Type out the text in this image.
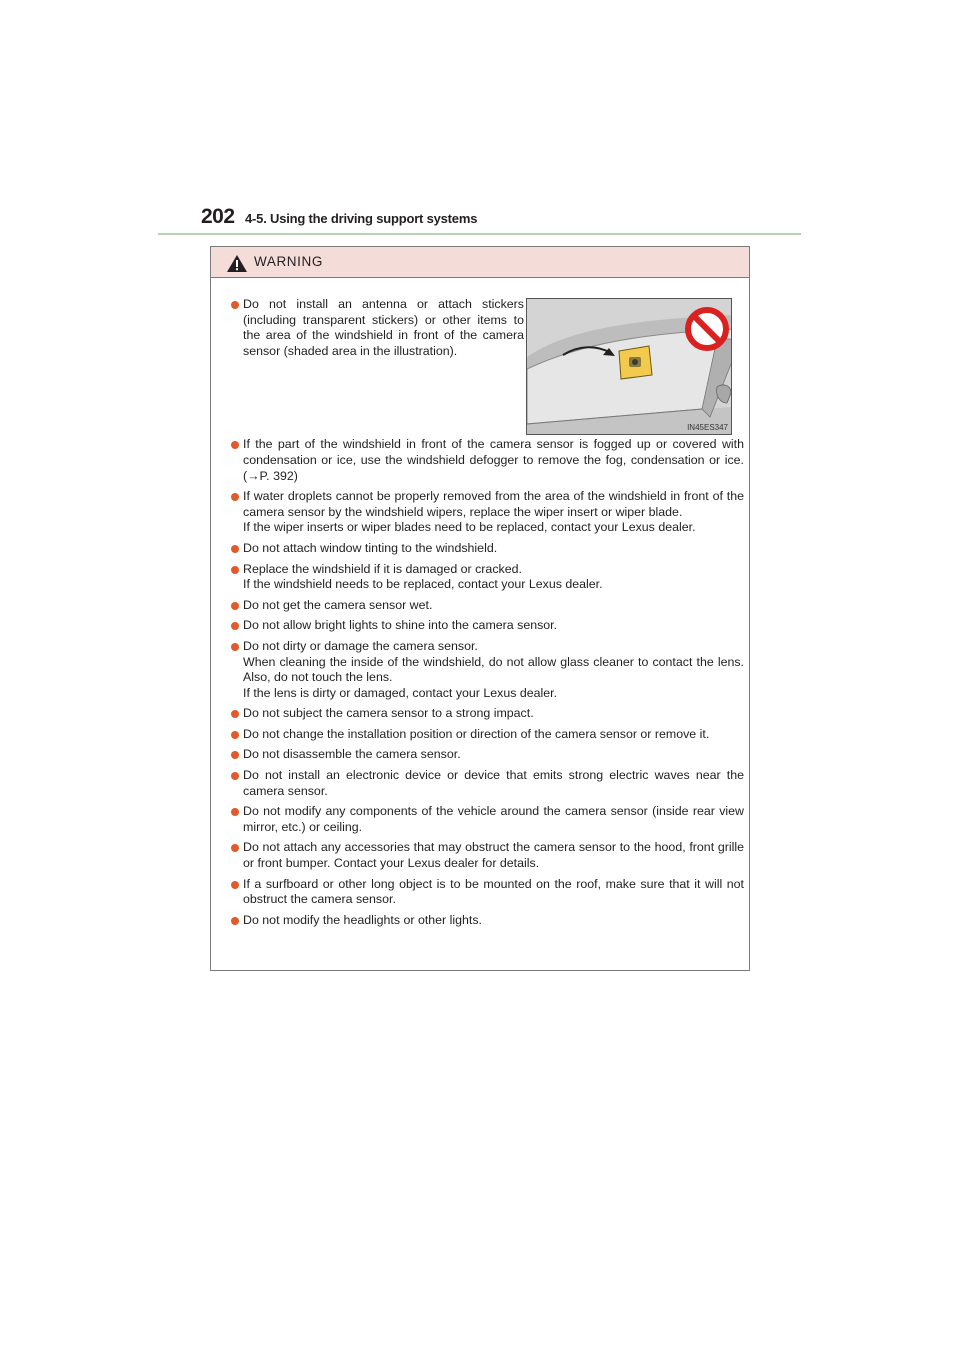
202 4-5. Using the driving support systems
WARNING
IN45ES347
Do not install an antenna or attach stickers (including transparent stickers) or other items to the area of the windshield in front of the camera sensor (shaded area in the illustration).
If the part of the windshield in front of the camera sensor is fogged up or covered with condensation or ice, use the windshield defogger to remove the fog, condensation or ice. (→P. 392)
If water droplets cannot be properly removed from the area of the windshield in front of the camera sensor by the windshield wipers, replace the wiper insert or wiper blade.
If the wiper inserts or wiper blades need to be replaced, contact your Lexus dealer.
Do not attach window tinting to the windshield.
Replace the windshield if it is damaged or cracked.
If the windshield needs to be replaced, contact your Lexus dealer.
Do not get the camera sensor wet.
Do not allow bright lights to shine into the camera sensor.
Do not dirty or damage the camera sensor.
When cleaning the inside of the windshield, do not allow glass cleaner to contact the lens. Also, do not touch the lens.
If the lens is dirty or damaged, contact your Lexus dealer.
Do not subject the camera sensor to a strong impact.
Do not change the installation position or direction of the camera sensor or remove it.
Do not disassemble the camera sensor.
Do not install an electronic device or device that emits strong electric waves near the camera sensor.
Do not modify any components of the vehicle around the camera sensor (inside rear view mirror, etc.) or ceiling.
Do not attach any accessories that may obstruct the camera sensor to the hood, front grille or front bumper. Contact your Lexus dealer for details.
If a surfboard or other long object is to be mounted on the roof, make sure that it will not obstruct the camera sensor.
Do not modify the headlights or other lights.
